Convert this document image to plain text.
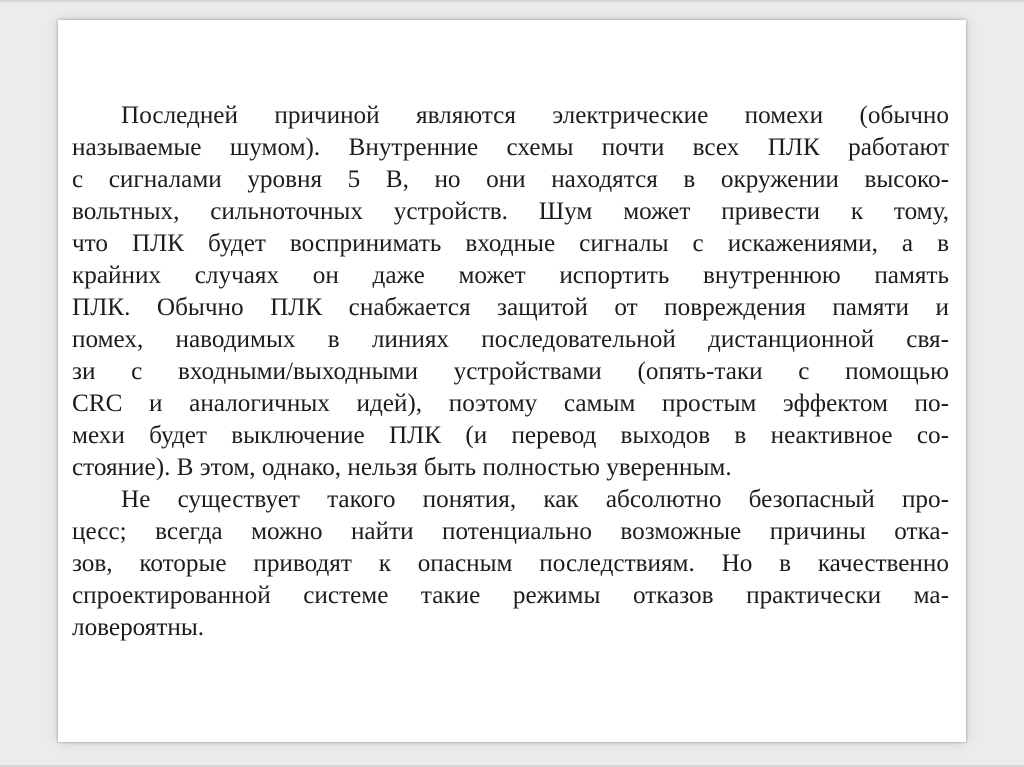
Последней причиной являются электрические помехи (обычно
называемые шумом). Внутренние схемы почти всех ПЛК работают
с сигналами уровня 5 В, но они находятся в окружении высоко-
вольтных, сильноточных устройств. Шум может привести к тому,
что ПЛК будет воспринимать входные сигналы с искажениями, а в
крайних случаях он даже может испортить внутреннюю память
ПЛК. Обычно ПЛК снабжается защитой от повреждения памяти и
помех, наводимых в линиях последовательной дистанционной свя-
зи с входными/выходными устройствами (опять-таки с помощью
CRC и аналогичных идей), поэтому самым простым эффектом по-
мехи будет выключение ПЛК (и перевод выходов в неактивное со-
стояние). В этом, однако, нельзя быть полностью уверенным.
Не существует такого понятия, как абсолютно безопасный про-
цесс; всегда можно найти потенциально возможные причины отка-
зов, которые приводят к опасным последствиям. Но в качественно
спроектированной системе такие режимы отказов практически ма-
ловероятны.
